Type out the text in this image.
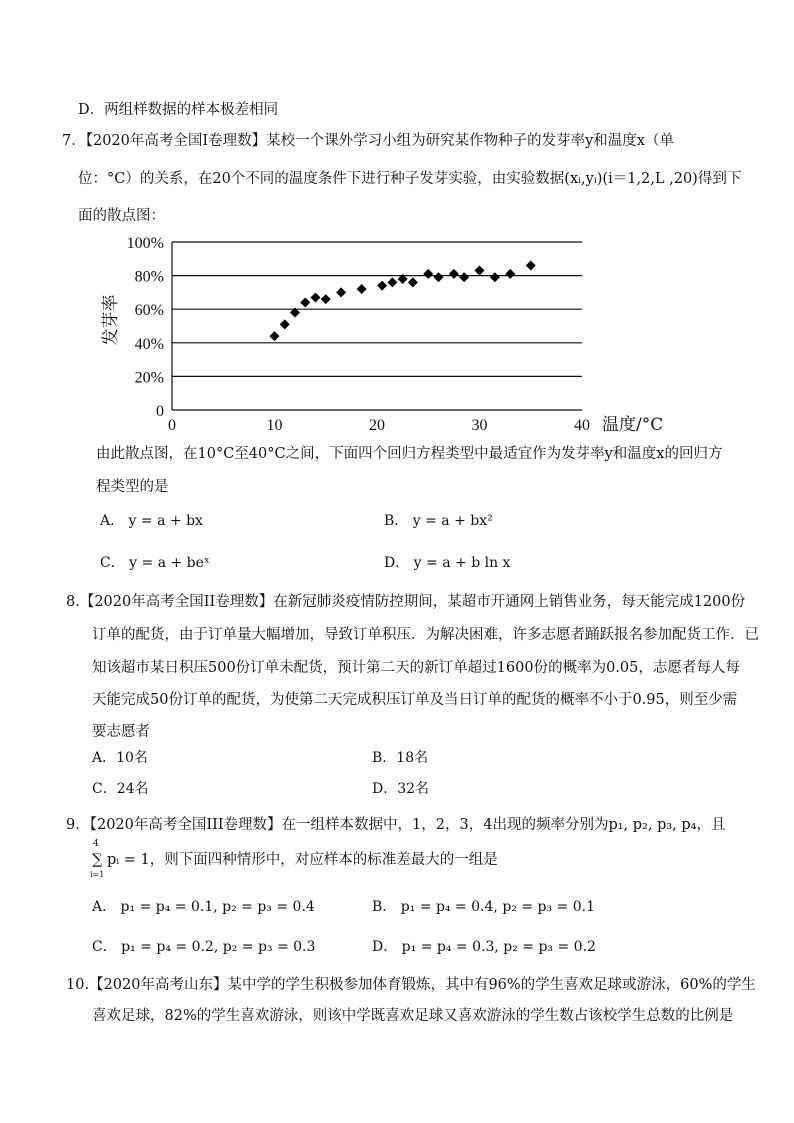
D．两组样数据的样本极差相同
7．【2020年高考全国Ⅰ卷理数】某校一个课外学习小组为研究某作物种子的发芽率y和温度x（单
位：°C）的关系，在20个不同的温度条件下进行种子发芽实验，由实验数据(xᵢ,yᵢ)(i＝1,2,L ,20)得到下
面的散点图：
0
20%
40%
60%
80%
100%
0	10	20	30	40
发芽率
温度/°C
由此散点图，在10°C至40°C之间，下面四个回归方程类型中最适宜作为发芽率y和温度x的回归方
程类型的是
A． y = a + bx	B． y = a + bx²
C． y = a + beˣ	D． y = a + b ln x
8.【2020年高考全国II卷理数】在新冠肺炎疫情防控期间，某超市开通网上销售业务，每天能完成1200份
订单的配货，由于订单量大幅增加，导致订单积压．为解决困难，许多志愿者踊跃报名参加配货工作．已
知该超市某日积压500份订单未配货，预计第二天的新订单超过1600份的概率为0.05，志愿者每人每
天能完成50份订单的配货，为使第二天完成积压订单及当日订单的配货的概率不小于0.95，则至少需
要志愿者
A．10名	B．18名
C．24名	D．32名
9．【2020年高考全国III卷理数】在一组样本数据中，1，2，3，4出现的频率分别为p₁, p₂, p₃, p₄，且
4
∑ pᵢ = 1，则下面四种情形中，对应样本的标准差最大的一组是
i=1
A． p₁ = p₄ = 0.1, p₂ = p₃ = 0.4	B． p₁ = p₄ = 0.4, p₂ = p₃ = 0.1
C． p₁ = p₄ = 0.2, p₂ = p₃ = 0.3	D． p₁ = p₄ = 0.3, p₂ = p₃ = 0.2
10.【2020年高考山东】某中学的学生积极参加体育锻炼，其中有96%的学生喜欢足球或游泳，60%的学生
喜欢足球，82%的学生喜欢游泳，则该中学既喜欢足球又喜欢游泳的学生数占该校学生总数的比例是
